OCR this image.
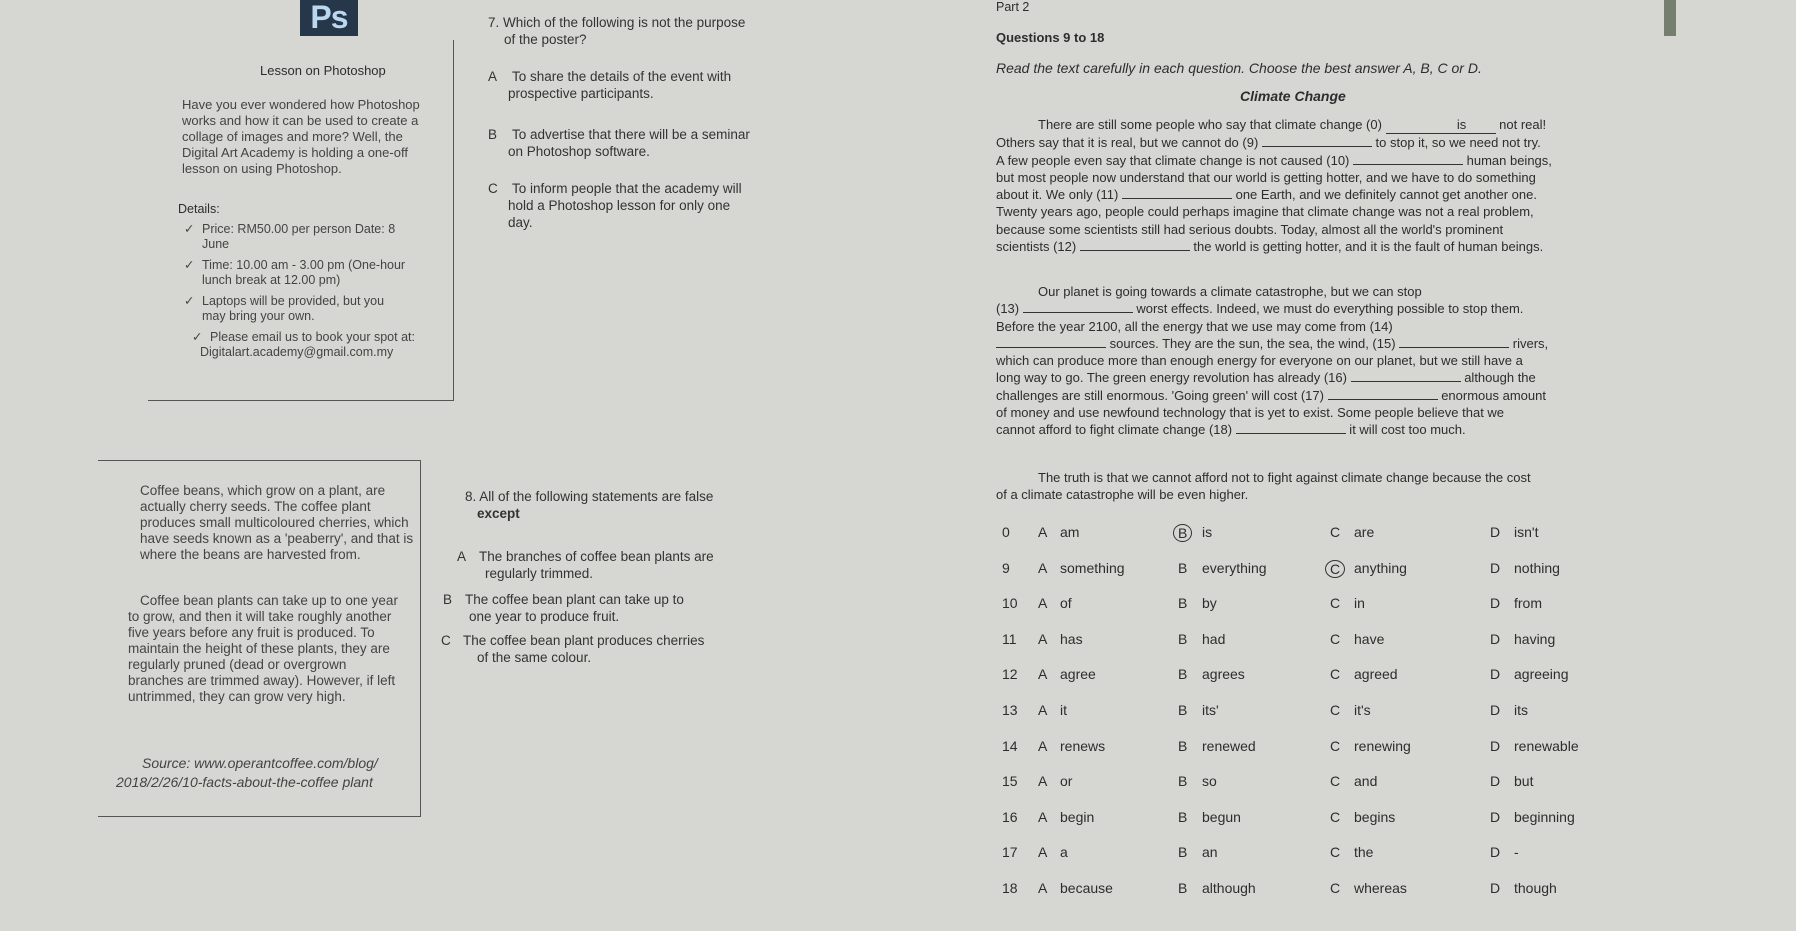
Ps
Lesson on Photoshop
Have you ever wondered how Photoshop
works and how it can be used to create a
collage of images and more? Well, the
Digital Art Academy is holding a one-off
lesson on using Photoshop.
Details:
✓ Price: RM50.00 per person Date: 8
June
✓ Time: 10.00 am - 3.00 pm (One-hour
lunch break at 12.00 pm)
✓ Laptops will be provided, but you
may bring your own.
✓ Please email us to book your spot at:
Digitalart.academy@gmail.com.my
7. Which of the following is not the purpose
of the poster?
A To share the details of the event with
prospective participants.
B To advertise that there will be a seminar
on Photoshop software.
C To inform people that the academy will
hold a Photoshop lesson for only one
day.

Coffee beans, which grow on a plant, are
actually cherry seeds. The coffee plant
produces small multicoloured cherries, which
have seeds known as a 'peaberry', and that is
where the beans are harvested from.

Coffee bean plants can take up to one year
to grow, and then it will take roughly another
five years before any fruit is produced. To
maintain the height of these plants, they are
regularly pruned (dead or overgrown
branches are trimmed away). However, if left
untrimmed, they can grow very high.

Source: www.operantcoffee.com/blog/
2018/2/26/10-facts-about-the-coffee plant

8. All of the following statements are false
except
A The branches of coffee bean plants are
regularly trimmed.
B The coffee bean plant can take up to
one year to produce fruit.
C The coffee bean plant produces cherries
of the same colour.
Part 2
Questions 9 to 18
Read the text carefully in each question. Choose the best answer A, B, C or D.
Climate Change
There are still some people who say that climate change (0)	is not real!
Others say that it is real, but we cannot do (9)	to stop it, so we need not try.
A few people even say that climate change is not caused (10)	human beings,
but most people now understand that our world is getting hotter, and we have to do something
about it. We only (11)	one Earth, and we definitely cannot get another one.
Twenty years ago, people could perhaps imagine that climate change was not a real problem,
because some scientists still had serious doubts. Today, almost all the world's prominent
scientists (12)	the world is getting hotter, and it is the fault of human beings.
Our planet is going towards a climate catastrophe, but we can stop
(13)	worst effects. Indeed, we must do everything possible to stop them.
Before the year 2100, all the energy that we use may come from (14)
sources. They are the sun, the sea, the wind, (15)	rivers,
which can produce more than enough energy for everyone on our planet, but we still have a
long way to go. The green energy revolution has already (16)	although the
challenges are still enormous. 'Going green' will cost (17)	enormous amount
of money and use newfound technology that is yet to exist. Some people believe that we
cannot afford to fight climate change (18)	it will cost too much.
The truth is that we cannot afford not to fight against climate change because the cost
of a climate catastrophe will be even higher.
0 A am	B	is	C are	D isn't
9 A something	B everything	C anything	D nothing
10 A of	B by	C in	D from
11 A has	B had	C have	D having
12 A agree	B agrees	C agreed	D agreeing
13 A it	B its'	C it's	D its
14 A renews	B renewed	C renewing	D renewable
15 A or	B so	C and	D but
16 A begin	B begun	C begins	D beginning
17 A a	B an	C the	D -
18 A because	B although	C whereas	D though
